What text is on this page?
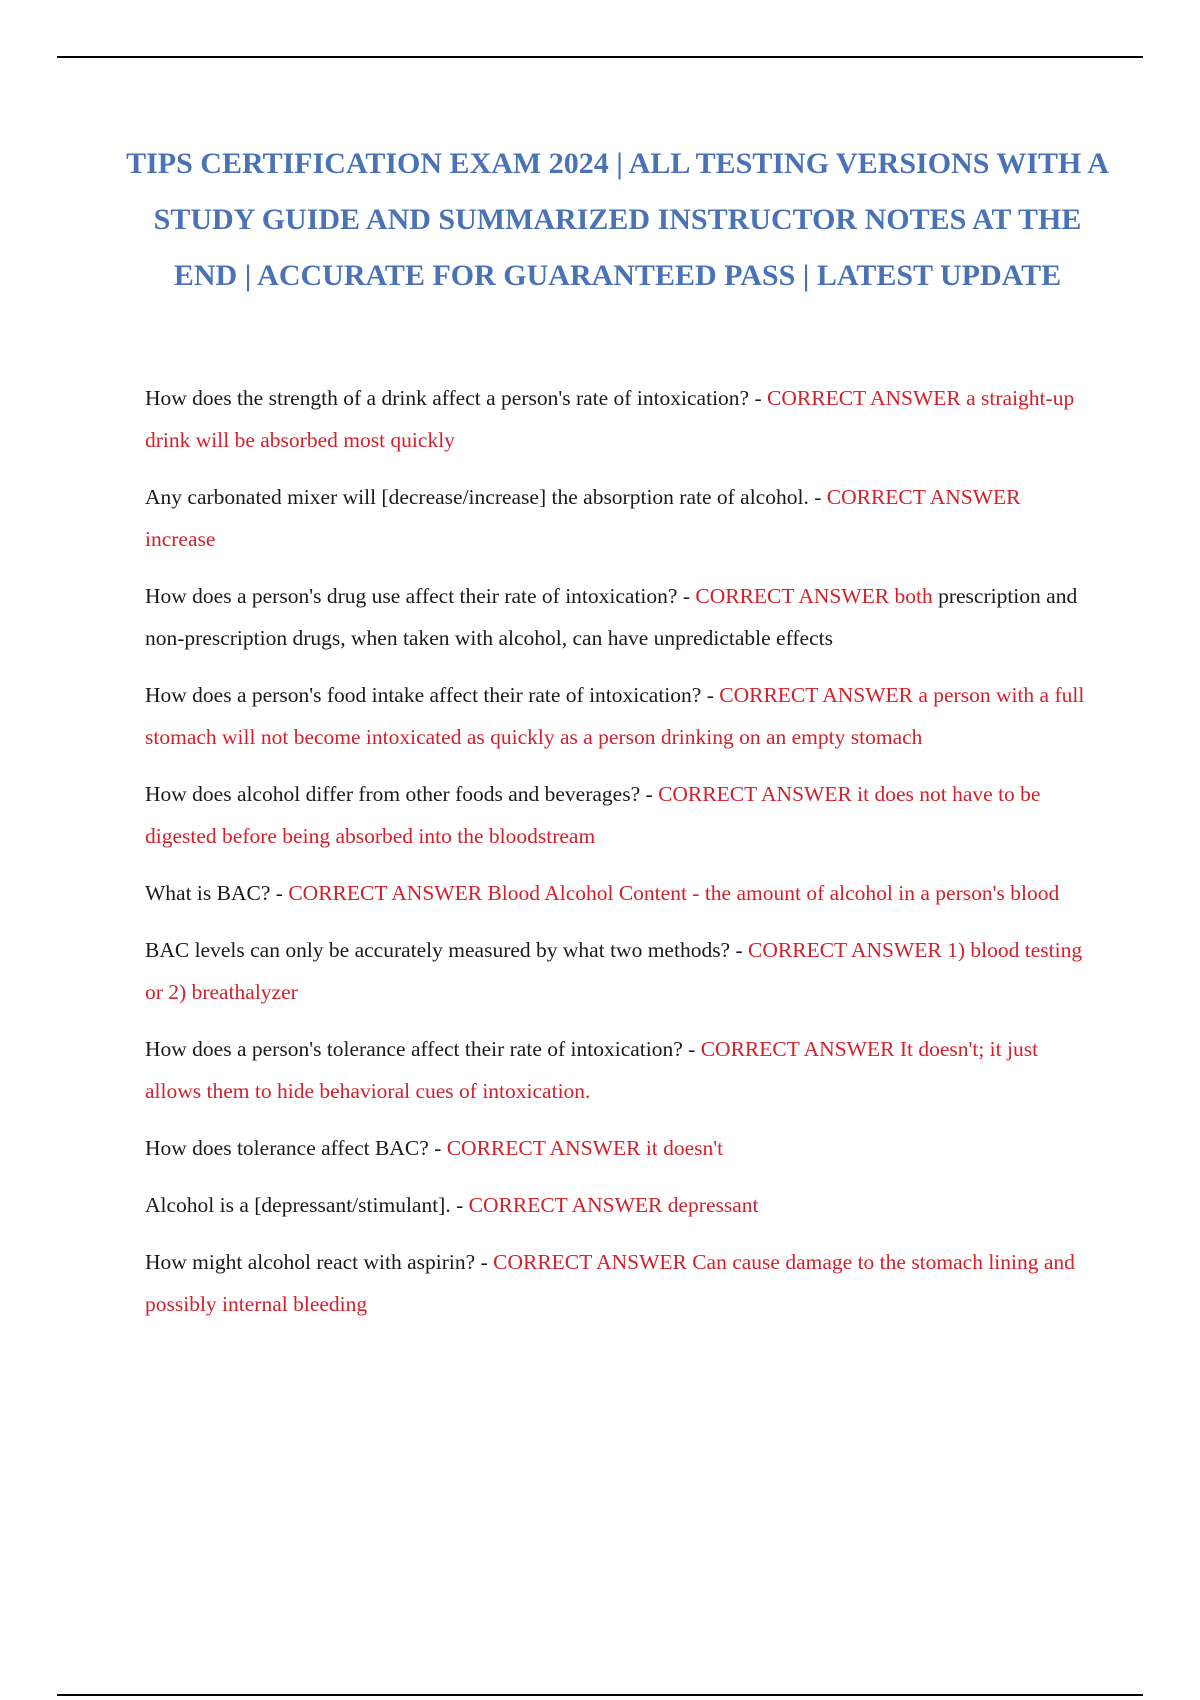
TIPS CERTIFICATION EXAM 2024 | ALL TESTING VERSIONS WITH A STUDY GUIDE AND SUMMARIZED INSTRUCTOR NOTES AT THE END | ACCURATE FOR GUARANTEED PASS | LATEST UPDATE

How does the strength of a drink affect a person's rate of intoxication? - CORRECT ANSWER a straight-up drink will be absorbed most quickly

Any carbonated mixer will [decrease/increase] the absorption rate of alcohol. - CORRECT ANSWER increase

How does a person's drug use affect their rate of intoxication? - CORRECT ANSWER both prescription and non-prescription drugs, when taken with alcohol, can have unpredictable effects

How does a person's food intake affect their rate of intoxication? - CORRECT ANSWER a person with a full stomach will not become intoxicated as quickly as a person drinking on an empty stomach

How does alcohol differ from other foods and beverages? - CORRECT ANSWER it does not have to be digested before being absorbed into the bloodstream

What is BAC? - CORRECT ANSWER Blood Alcohol Content - the amount of alcohol in a person's blood

BAC levels can only be accurately measured by what two methods? - CORRECT ANSWER 1) blood testing or 2) breathalyzer

How does a person's tolerance affect their rate of intoxication? - CORRECT ANSWER It doesn't; it just allows them to hide behavioral cues of intoxication.

How does tolerance affect BAC? - CORRECT ANSWER it doesn't

Alcohol is a [depressant/stimulant]. - CORRECT ANSWER depressant

How might alcohol react with aspirin? - CORRECT ANSWER Can cause damage to the stomach lining and possibly internal bleeding
